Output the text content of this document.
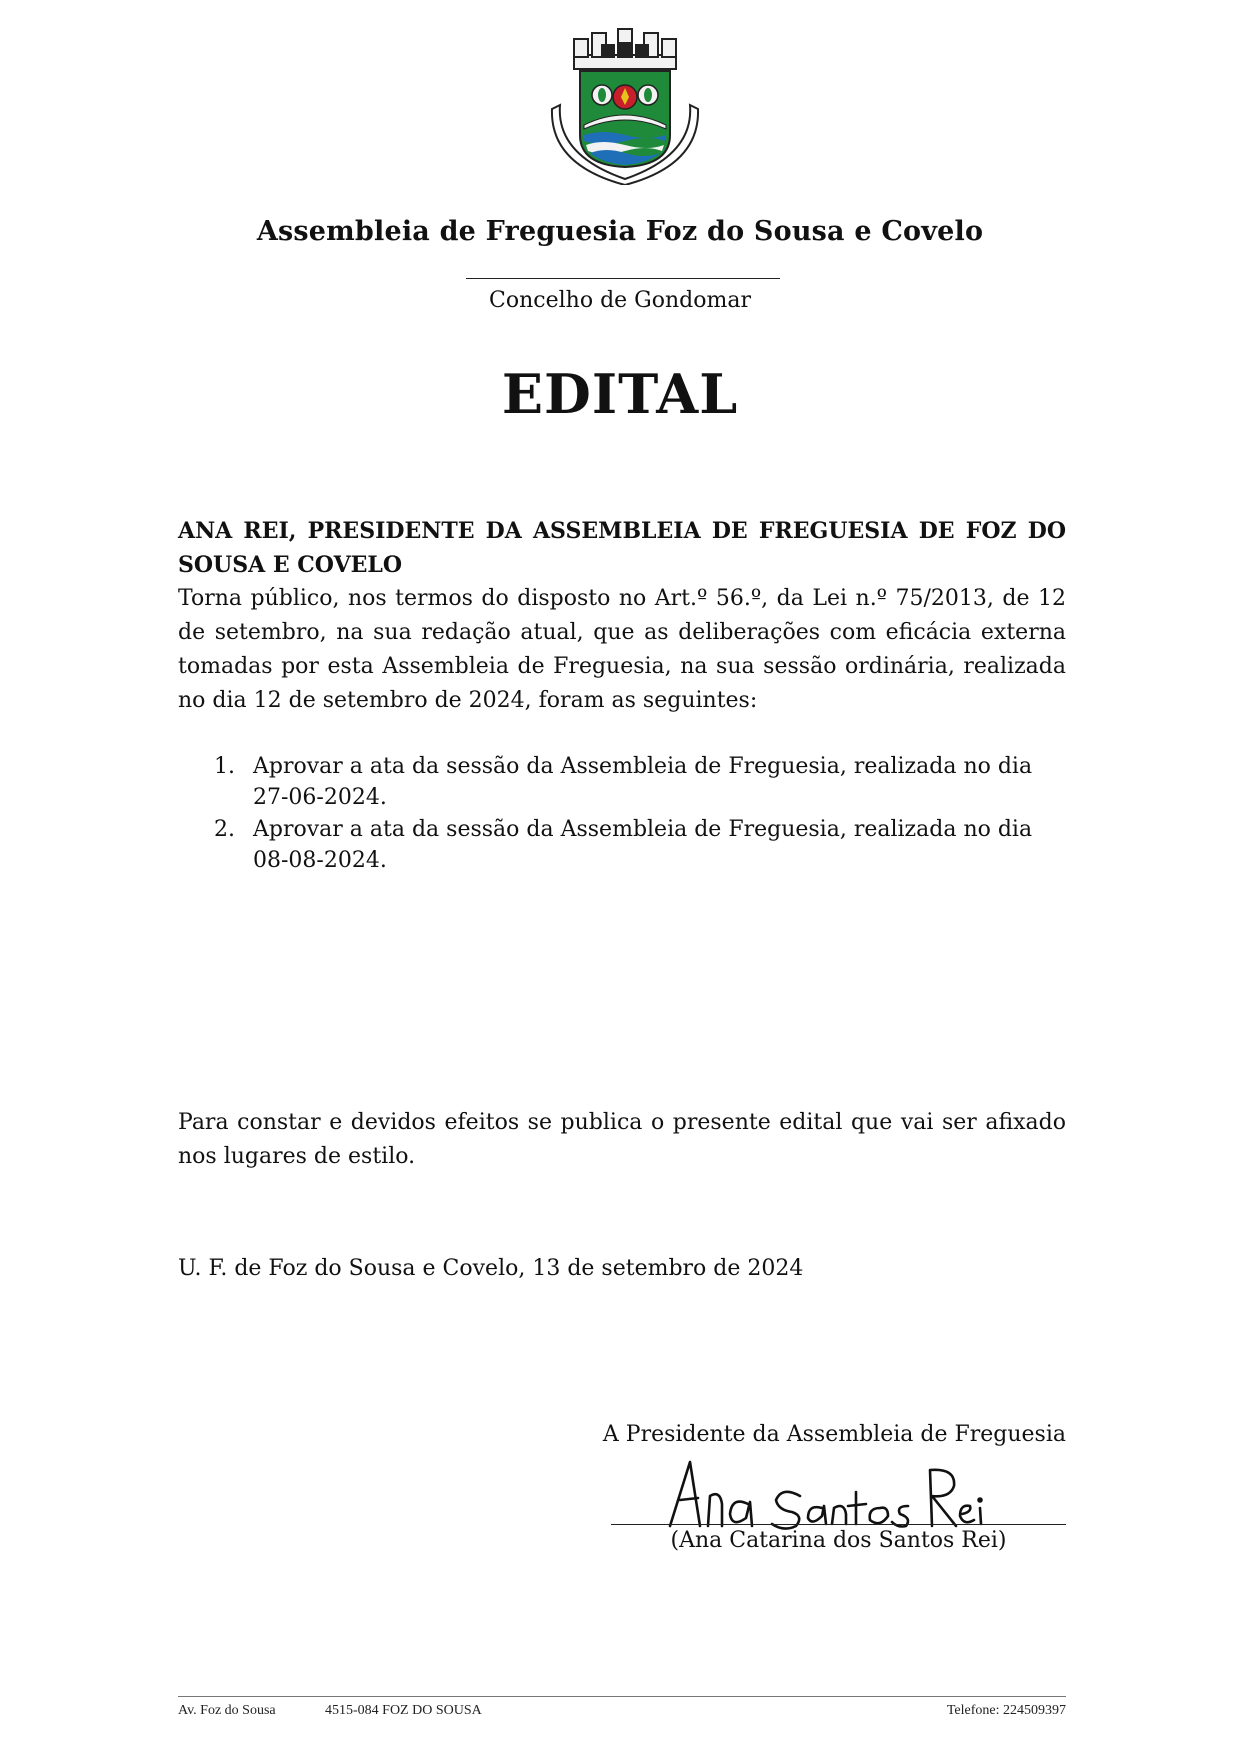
Assembleia de Freguesia Foz do Sousa e Covelo
Concelho de Gondomar
EDITAL
ANA REI, PRESIDENTE DA ASSEMBLEIA DE FREGUESIA DE FOZ DO SOUSA E COVELO

Torna público, nos termos do disposto no Art.º 56.º, da Lei n.º 75/2013, de 12 de setembro, na sua redação atual, que as deliberações com eficácia externa tomadas por esta Assembleia de Freguesia, na sua sessão ordinária, realizada no dia 12 de setembro de 2024, foram as seguintes:

1. Aprovar a ata da sessão da Assembleia de Freguesia, realizada no dia 27-06-2024.
2. Aprovar a ata da sessão da Assembleia de Freguesia, realizada no dia 08-08-2024.
Para constar e devidos efeitos se publica o presente edital que vai ser afixado nos lugares de estilo.
U. F. de Foz do Sousa e Covelo, 13 de setembro de 2024
A Presidente da Assembleia de Freguesia
(Ana Catarina dos Santos Rei)
Av. Foz do Sousa	4515-084 FOZ DO SOUSA	Telefone: 224509397
